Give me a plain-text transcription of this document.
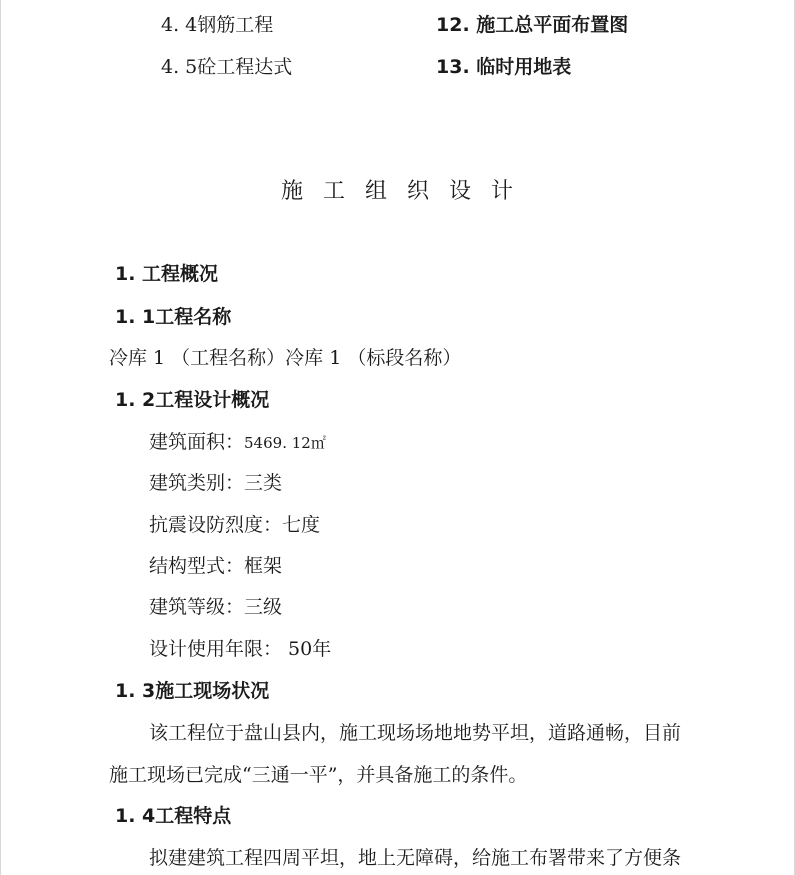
4. 4钢筋工程
4. 5砼工程达式
12. 施工总平面布置图
13. 临时用地表
施工组织设计
1. 工程概况
1. 1工程名称
冷库 1 （工程名称）冷库 1 （标段名称）
1. 2工程设计概况
建筑面积：5469. 12㎡
建筑类别：三类
抗震设防烈度：七度
结构型式：框架
建筑等级：三级
设计使用年限： 50年
1. 3施工现场状况
该工程位于盘山县内，施工现场场地地势平坦，道路通畅，目前
施工现场已完成“三通一平”，并具备施工的条件。
1. 4工程特点
拟建建筑工程四周平坦，地上无障碍，给施工布署带来了方便条
